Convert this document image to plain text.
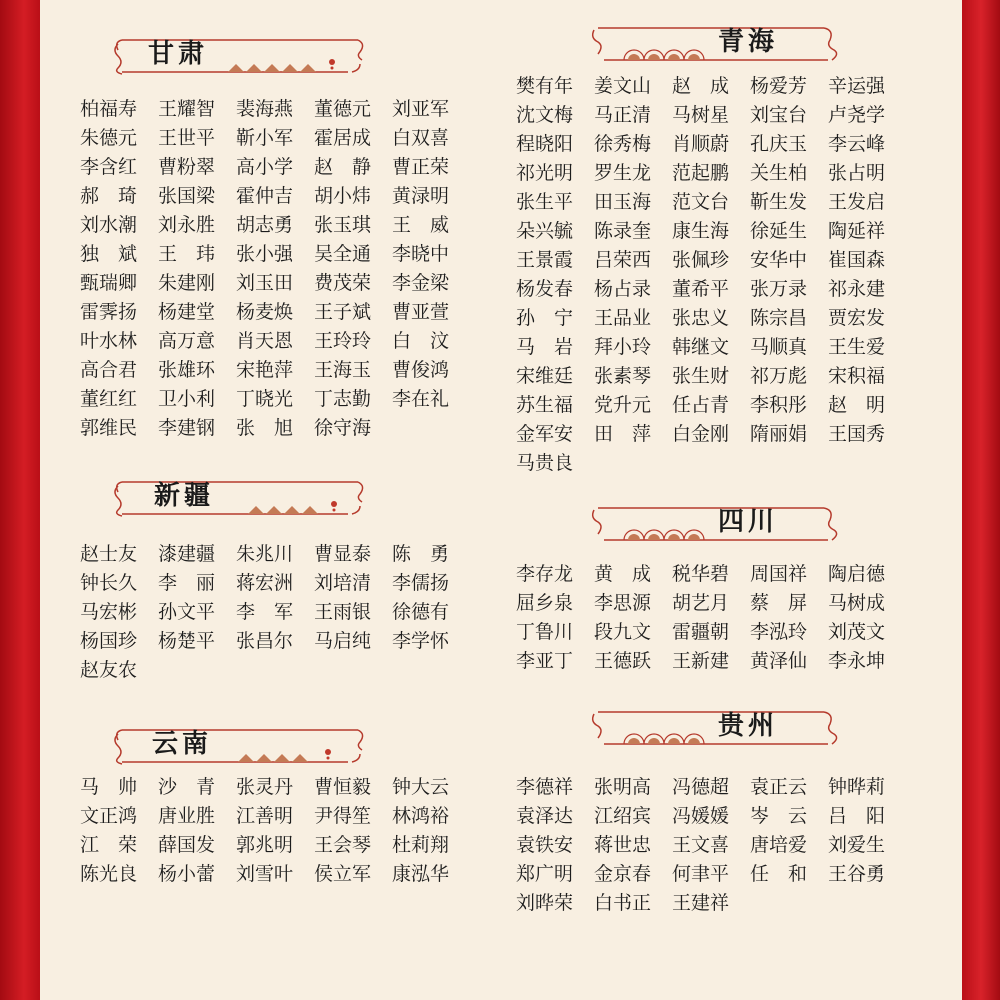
甘肃
柏福寿	王耀智	裴海燕	董德元	刘亚军
朱德元	王世平	靳小军	霍居成	白双喜
李含红	曹粉翠	高小学	赵　静	曹正荣
郝　琦	张国梁	霍仲吉	胡小炜	黄渌明
刘水潮	刘永胜	胡志勇	张玉琪	王　威
独　斌	王　玮	张小强	吴全通	李晓中
甄瑞卿	朱建刚	刘玉田	费茂荣	李金梁
雷霁扬	杨建堂	杨麦焕	王子斌	曹亚萱
叶水林	高万意	肖天恩	王玲玲	白　汶
高合君	张雄环	宋艳萍	王海玉	曹俊鸿
董红红	卫小利	丁晓光	丁志勤	李在礼
郭维民	李建钢	张　旭	徐守海
新疆
赵士友	漆建疆	朱兆川	曹显泰	陈　勇
钟长久	李　丽	蒋宏洲	刘培清	李儒扬
马宏彬	孙文平	李　军	王雨银	徐德有
杨国珍	杨楚平	张昌尔	马启纯	李学怀
赵友农
云南
马　帅	沙　青	张灵丹	曹恒毅	钟大云
文正鸿	唐业胜	江善明	尹得笙	林鸿裕
江　荣	薛国发	郭兆明	王会琴	杜莉翔
陈光良	杨小蕾	刘雪叶	侯立军	康泓华
青海
樊有年	姜文山	赵　成	杨爱芳	辛运强
沈文梅	马正清	马树星	刘宝台	卢尧学
程晓阳	徐秀梅	肖顺蔚	孔庆玉	李云峰
祁光明	罗生龙	范起鹏	关生柏	张占明
张生平	田玉海	范文台	靳生发	王发启
朵兴毓	陈录奎	康生海	徐延生	陶延祥
王景霞	吕荣西	张佩珍	安华中	崔国森
杨发春	杨占录	董希平	张万录	祁永建
孙　宁	王品业	张忠义	陈宗昌	贾宏发
马　岩	拜小玲	韩继文	马顺真	王生爱
宋维廷	张素琴	张生财	祁万彪	宋积福
苏生福	党升元	任占青	李积彤	赵　明
金军安	田　萍	白金刚	隋丽娟	王国秀
马贵良
四川
李存龙	黄　成	税华碧	周国祥	陶启德
屈乡泉	李思源	胡艺月	蔡　屏	马树成
丁鲁川	段九文	雷疆朝	李泓玲	刘茂文
李亚丁	王德跃	王新建	黄泽仙	李永坤
贵州
李德祥	张明高	冯德超	袁正云	钟晔莉
袁泽达	江绍宾	冯媛媛	岑　云	吕　阳
袁铁安	蒋世忠	王文喜	唐培爱	刘爱生
郑广明	金京春	何聿平	任　和	王谷勇
刘晔荣	白书正	王建祥
